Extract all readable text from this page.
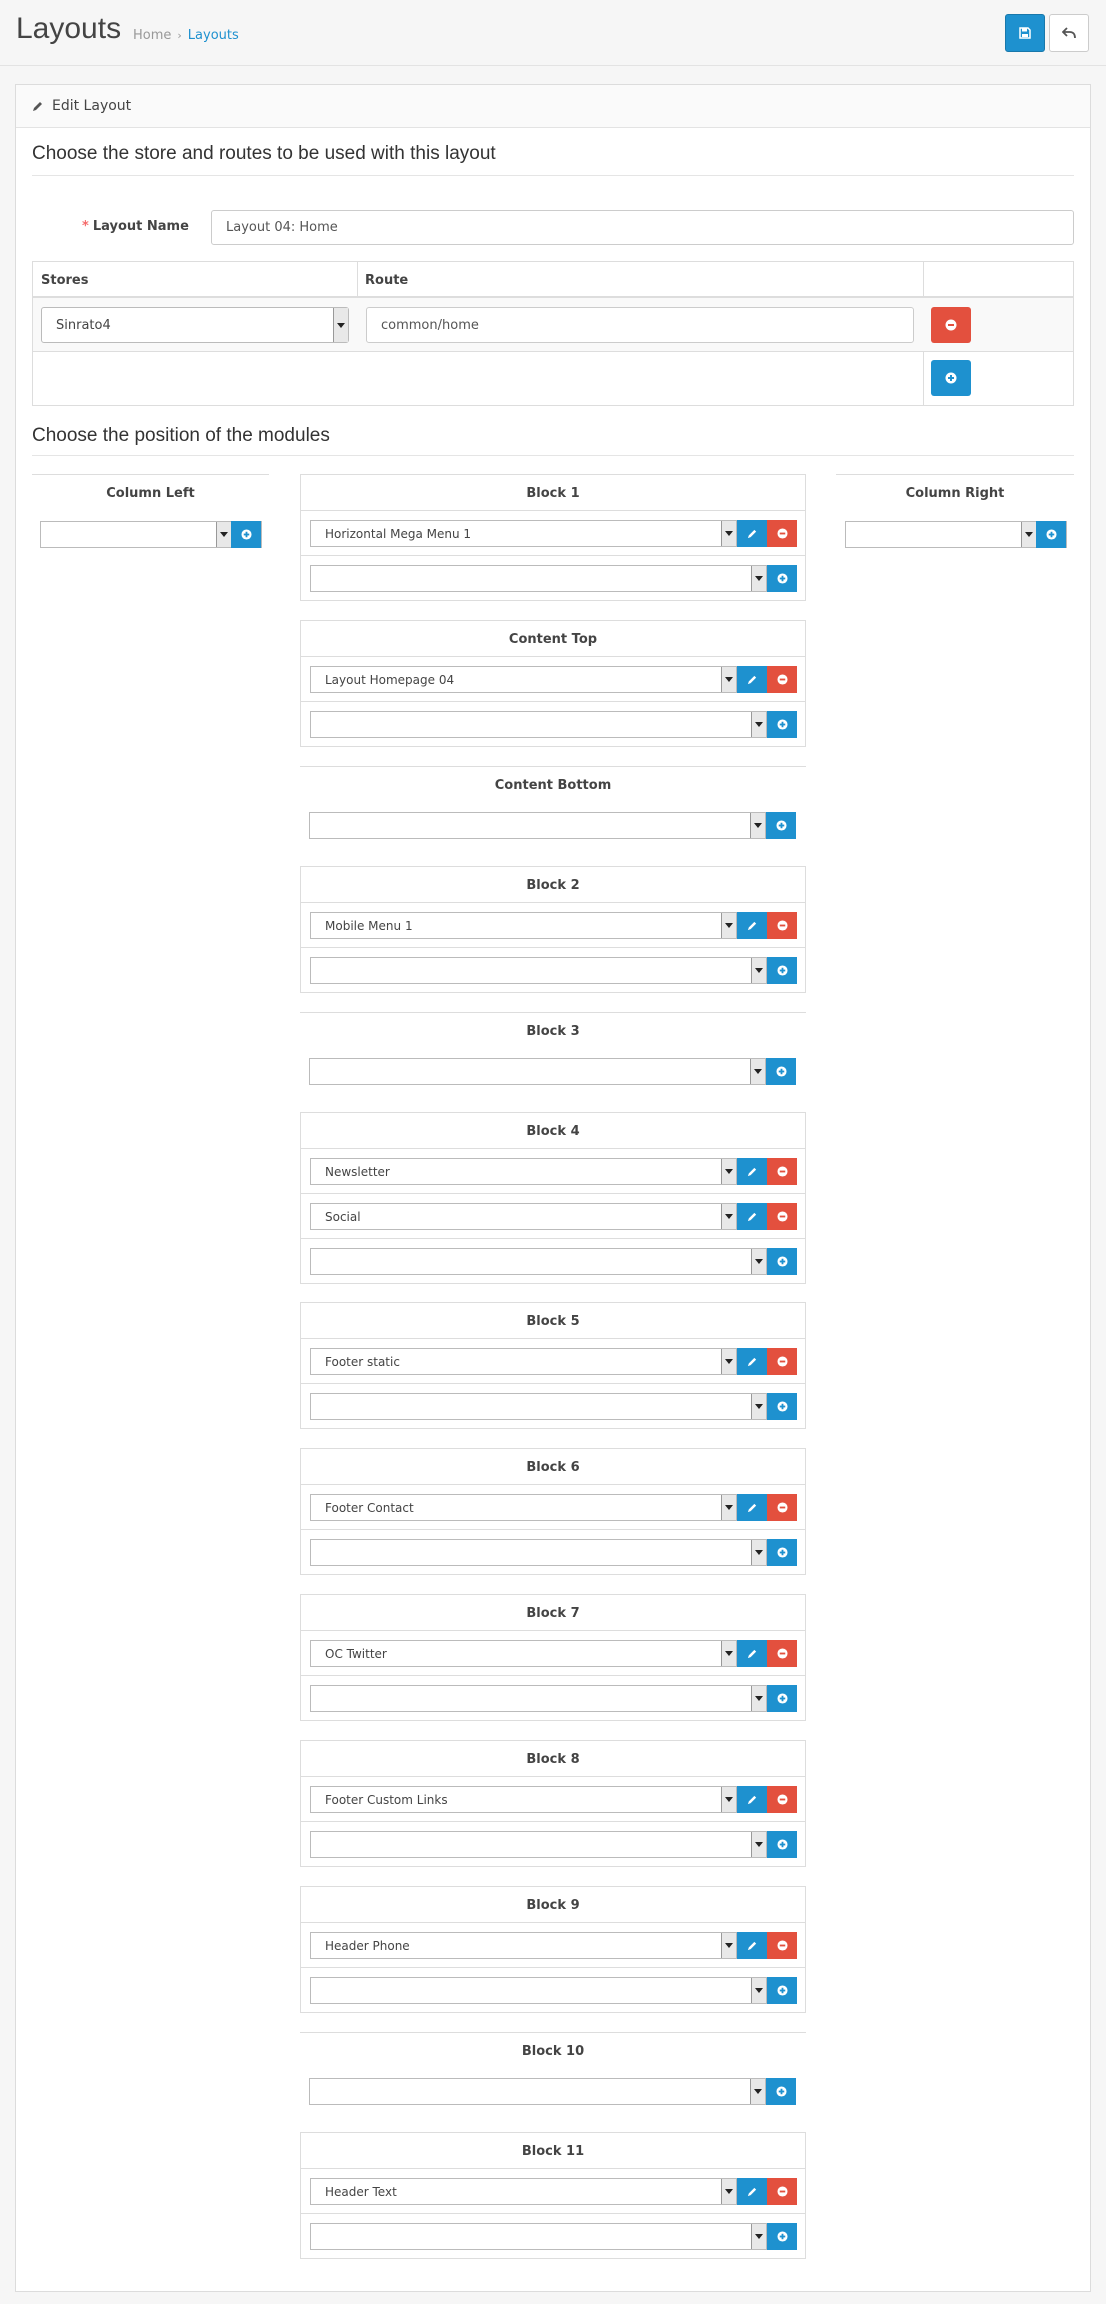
Layouts Home › Layouts
Edit Layout
Choose the store and routes to be used with this layout
* Layout Name	Layout 04: Home
Stores	Route
Sinrato4	common/home
Choose the position of the modules
Column Left	Column Right
Block 1
Horizontal Mega Menu 1
Content Top
Layout Homepage 04
Content Bottom
Block 2
Mobile Menu 1
Block 3
Block 4
Newsletter
Social
Block 5
Footer static
Block 6
Footer Contact
Block 7
OC Twitter
Block 8
Footer Custom Links
Block 9
Header Phone
Block 10
Block 11
Header Text
